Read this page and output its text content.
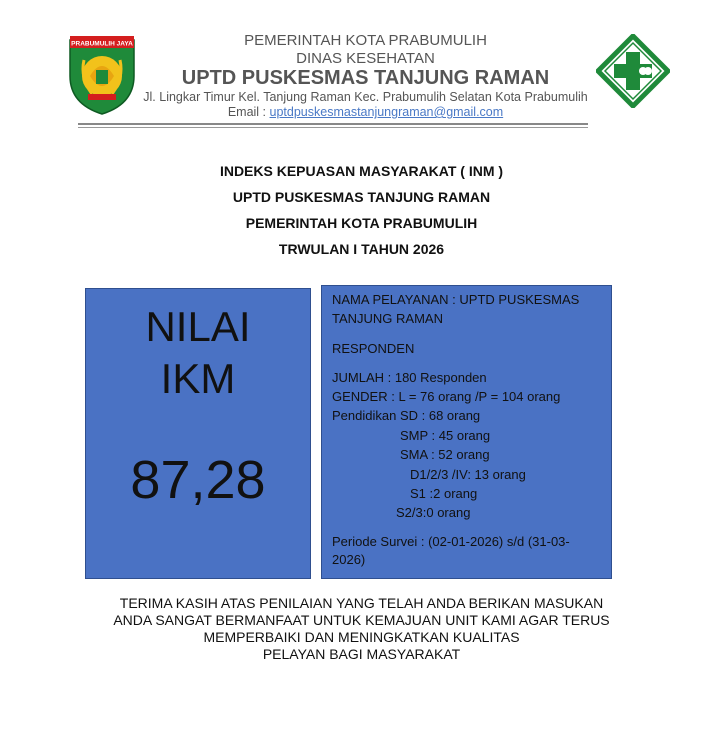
PRABUMULIH JAYA	PEMERINTAH KOTA PRABUMULIH
DINAS KESEHATAN
UPTD PUSKESMAS TANJUNG RAMAN
Jl. Lingkar Timur Kel. Tanjung Raman Kec. Prabumulih Selatan Kota Prabumulih
Email : uptdpuskesmastanjungraman@gmail.com
INDEKS KEPUASAN MASYARAKAT ( INM )
UPTD PUSKESMAS TANJUNG RAMAN
PEMERINTAH KOTA PRABUMULIH
TRWULAN I TAHUN 2026
NILAI
IKM
87,28
NAMA PELAYANAN : UPTD PUSKESMAS
TANJUNG RAMAN
RESPONDEN
JUMLAH : 180 Responden
GENDER : L = 76 orang /P = 104 orang
Pendidikan SD : 68 orang
SMP : 45 orang
SMA : 52 orang
D1/2/3 /IV: 13 orang
S1 :2 orang
S2/3:0 orang
Periode Survei : (02-01-2026) s/d (31-03-
2026)
TERIMA KASIH ATAS PENILAIAN YANG TELAH ANDA BERIKAN MASUKAN
ANDA SANGAT BERMANFAAT UNTUK KEMAJUAN UNIT KAMI AGAR TERUS
MEMPERBAIKI DAN MENINGKATKAN KUALITAS
PELAYAN BAGI MASYARAKAT
